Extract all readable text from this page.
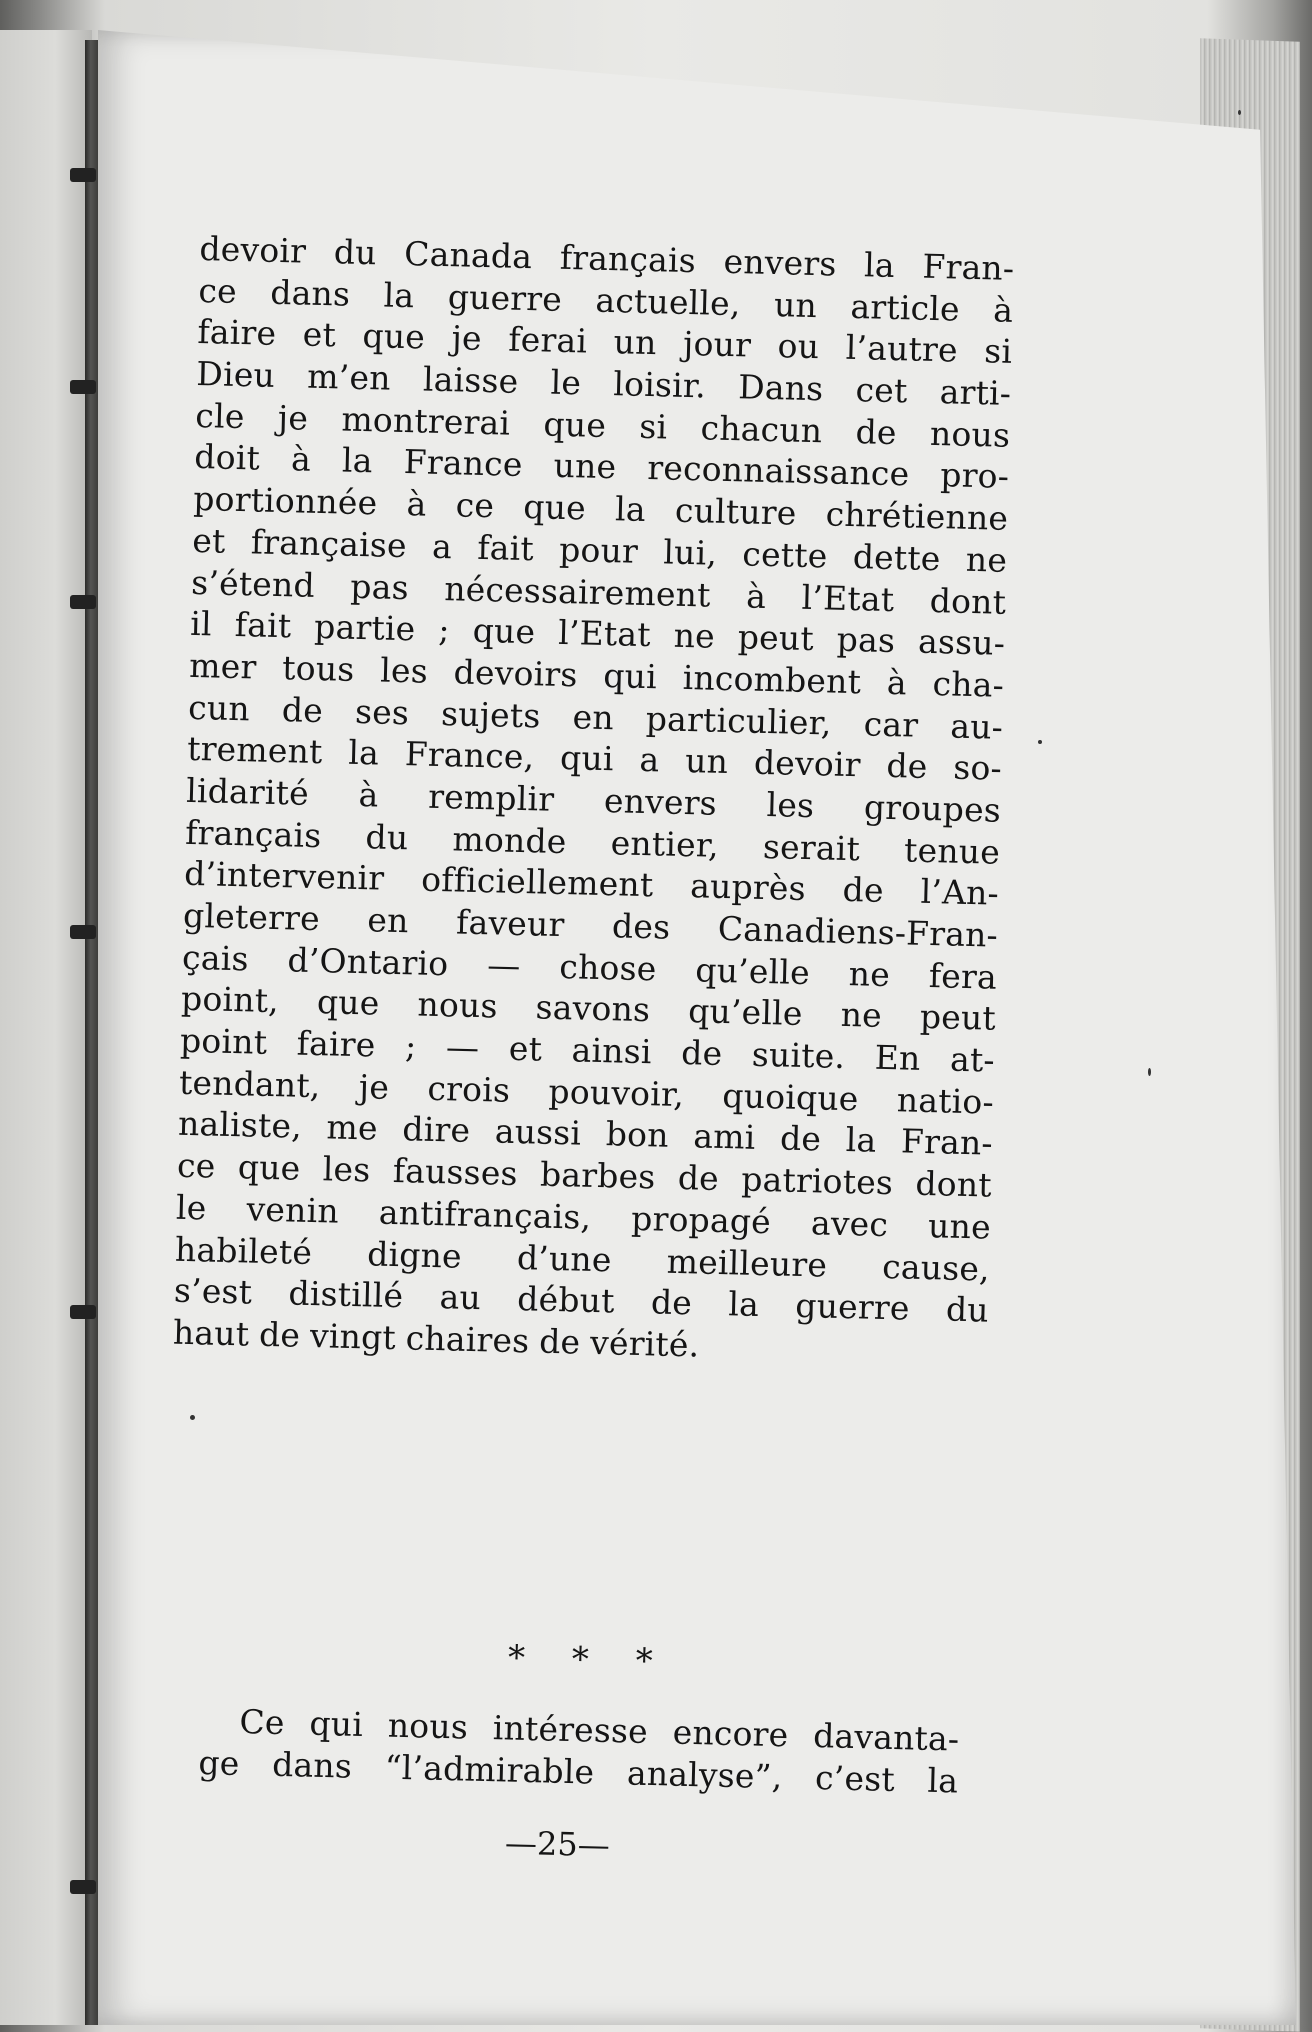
devoir du Canada français envers la Fran-
ce dans la guerre actuelle, un article à
faire et que je ferai un jour ou l’autre si
Dieu m’en laisse le loisir. Dans cet arti-
cle je montrerai que si chacun de nous
doit à la France une reconnaissance pro-
portionnée à ce que la culture chrétienne
et française a fait pour lui, cette dette ne
s’étend pas nécessairement à l’Etat dont
il fait partie ; que l’Etat ne peut pas assu-
mer tous les devoirs qui incombent à cha-
cun de ses sujets en particulier, car au-
trement la France, qui a un devoir de so-
lidarité à remplir envers les groupes
français du monde entier, serait tenue
d’intervenir officiellement auprès de l’An-
gleterre en faveur des Canadiens-Fran-
çais d’Ontario — chose qu’elle ne fera
point, que nous savons qu’elle ne peut
point faire ; — et ainsi de suite. En at-
tendant, je crois pouvoir, quoique natio-
naliste, me dire aussi bon ami de la Fran-
ce que les fausses barbes de patriotes dont
le venin antifrançais, propagé avec une
habileté digne d’une meilleure cause,
s’est distillé au début de la guerre du
haut de vingt chaires de vérité.
* * *
Ce qui nous intéresse encore davanta-
ge dans “l’admirable analyse”, c’est la
—25—
